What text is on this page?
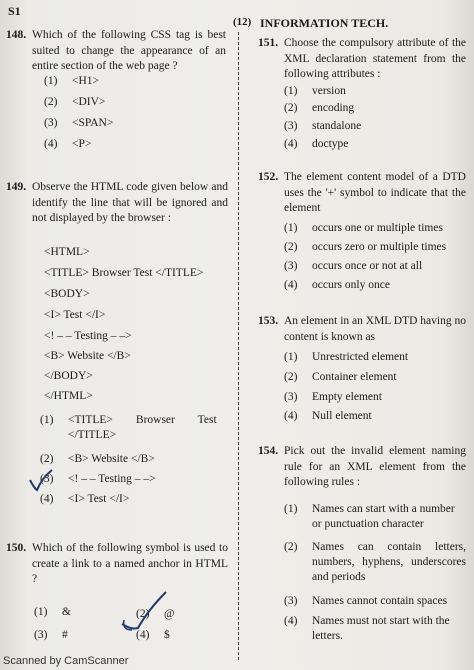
S1
(12) INFORMATION TECH.
148. Which of the following CSS tag is best suited to change the appearance of an entire section of the web page ?
(1) <H1>
(2) <DIV>
(3) <SPAN>
(4) <P>
149. Observe the HTML code given below and identify the line that will be ignored and not displayed by the browser :
<HTML>
<TITLE> Browser Test </TITLE>
<BODY>
<I> Test </I>
<! – – Testing – –>
<B> Website </B>
</BODY>
</HTML>
(1) <TITLE>        Browser        Test
</TITLE>
(2) <B> Website </B>
(3) <! – – Testing – –>
(4) <I> Test </I>
150. Which of the following symbol is used to create a link to a named anchor in HTML ?
(1) &	(2) @
(3) #	(4) $
151. Choose the compulsory attribute of the XML declaration statement from the following attributes :
(1) version
(2) encoding
(3) standalone
(4) doctype
152. The element content model of a DTD uses the '+' symbol to indicate that the element
(1) occurs one or multiple times
(2) occurs zero or multiple times
(3) occurs once or not at all
(4) occurs only once
153. An element in an XML DTD having no content is known as
(1) Unrestricted element
(2) Container element
(3) Empty element
(4) Null element
154. Pick out the invalid element naming rule for an XML element from the following rules :
(1)	Names can start with a number or punctuation character
(2)	Names can contain letters, numbers, hyphens, underscores and periods
(3) Names cannot contain spaces
(4)	Names must not start with the letters.
Scanned by CamScanner
